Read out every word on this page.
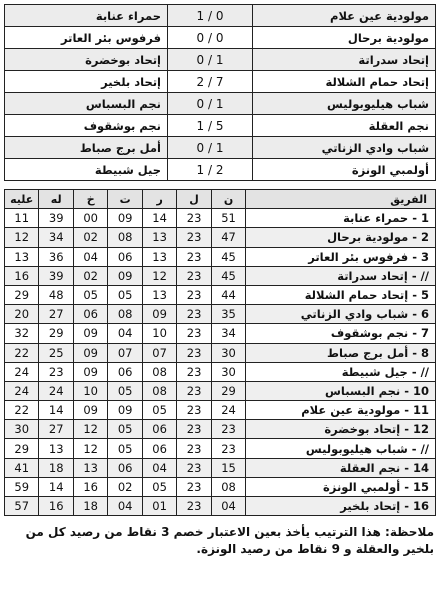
حمراء عنابة	1 / 0	مولودية عين علام
فرفوس بئر العاتر	0 / 0	مولودية برحال
إتحاد بوخضرة	0 / 1	إتحاد سدراتة
إتحاد بلخير	2 / 7	إتحاد حمام الشلالة
نجم البسباس	0 / 1	شباب هيليوبوليس
نجم بوشقوف	1 / 5	نجم العقلة
أمل برج صباط	0 / 1	شباب وادي الزناتي
جيل شبيطة	1 / 2	أولمبي الونزة
عليه	له	خ	ت	ر	ل	ن	الفريق
11	39	00	09	14	23	51	1 - حمراء عنابة
12	34	02	08	13	23	47	2 - مولودية برحال
13	36	04	06	13	23	45	3 - فرفوس بئر العاتر
16	39	02	09	12	23	45	// - إتحاد سدراتة
29	48	05	05	13	23	44	5 - إتحاد حمام الشلالة
20	27	06	08	09	23	35	6 - شباب وادي الزناتي
32	29	09	04	10	23	34	7 - نجم بوشقوف
22	25	09	07	07	23	30	8 - أمل برج صباط
24	23	09	06	08	23	30	// - جيل شبيطة
24	24	10	05	08	23	29	10 - نجم البسباس
22	14	09	09	05	23	24	11 - مولودية عين علام
30	27	12	05	06	23	23	12 - إتحاد بوخضرة
29	13	12	05	06	23	23	// - شباب هيليوبوليس
41	18	13	06	04	23	15	14 - نجم العقلة
59	14	16	02	05	23	08	15 - أولمبي الونزة
57	16	18	04	01	23	04	16 - إتحاد بلخير
ملاحظة: هذا الترتيب يأخذ بعين الاعتبار خصم 3 نقاط من رصيد كل من بلخير والعقلة و 9 نقاط من رصيد الونزة.
